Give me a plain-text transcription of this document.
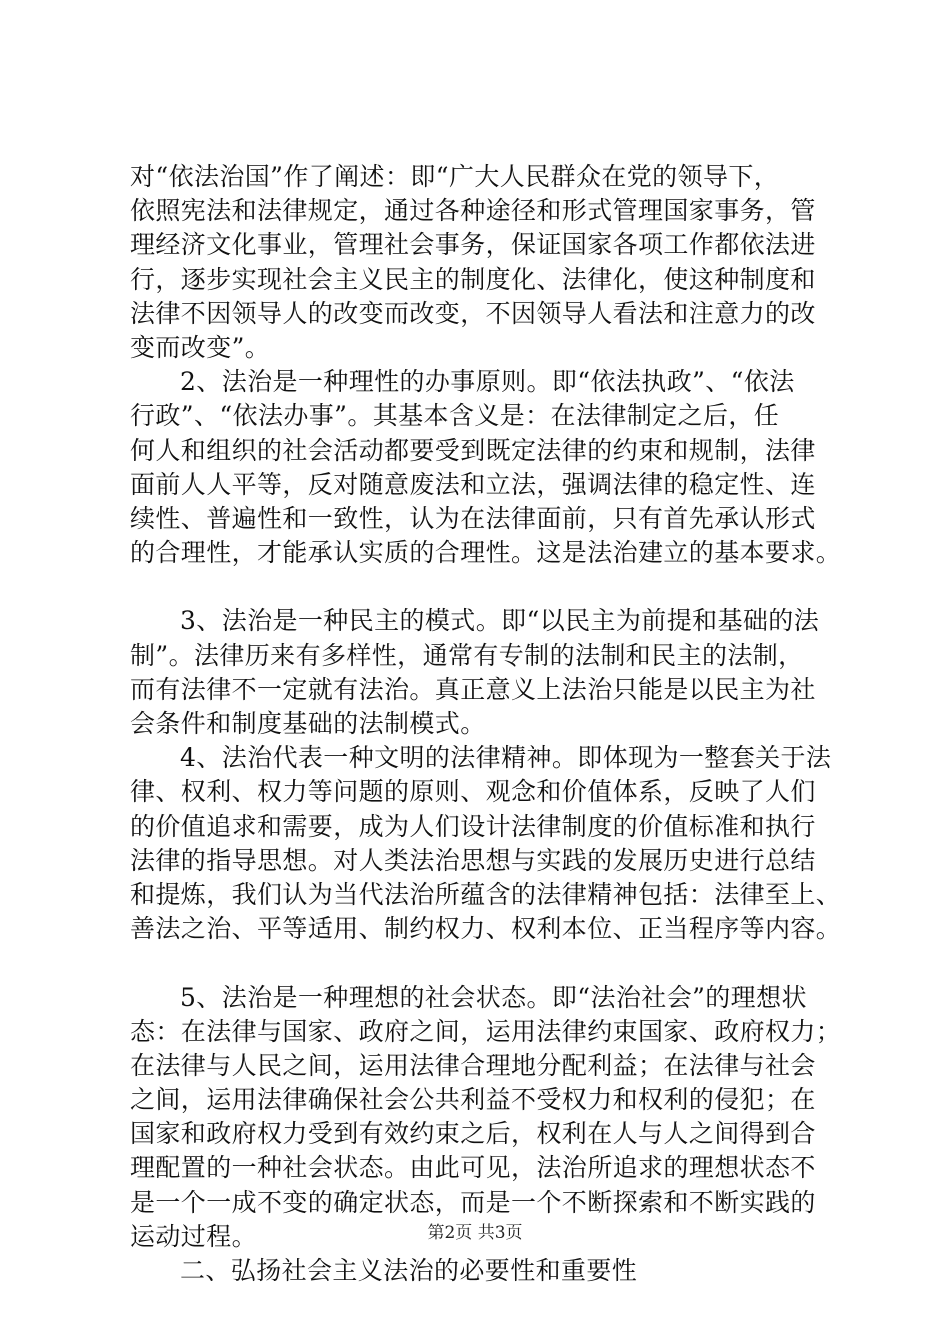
对“依法治国”作了阐述：即“广大人民群众在党的领导下，
依照宪法和法律规定，通过各种途径和形式管理国家事务，管
理经济文化事业，管理社会事务，保证国家各项工作都依法进
行，逐步实现社会主义民主的制度化、法律化，使这种制度和
法律不因领导人的改变而改变，不因领导人看法和注意力的改
变而改变”。
2、法治是一种理性的办事原则。即“依法执政”、“依法
行政”、“依法办事”。其基本含义是：在法律制定之后，任
何人和组织的社会活动都要受到既定法律的约束和规制，法律
面前人人平等，反对随意废法和立法，强调法律的稳定性、连
续性、普遍性和一致性，认为在法律面前，只有首先承认形式
的合理性，才能承认实质的合理性。这是法治建立的基本要求。
3、法治是一种民主的模式。即“以民主为前提和基础的法
制”。法律历来有多样性，通常有专制的法制和民主的法制，
而有法律不一定就有法治。真正意义上法治只能是以民主为社
会条件和制度基础的法制模式。
4、法治代表一种文明的法律精神。即体现为一整套关于法
律、权利、权力等问题的原则、观念和价值体系，反映了人们
的价值追求和需要，成为人们设计法律制度的价值标准和执行
法律的指导思想。对人类法治思想与实践的发展历史进行总结
和提炼，我们认为当代法治所蕴含的法律精神包括：法律至上、
善法之治、平等适用、制约权力、权利本位、正当程序等内容。
5、法治是一种理想的社会状态。即“法治社会”的理想状
态：在法律与国家、政府之间，运用法律约束国家、政府权力；
在法律与人民之间，运用法律合理地分配利益；在法律与社会
之间，运用法律确保社会公共利益不受权力和权利的侵犯；在
国家和政府权力受到有效约束之后，权利在人与人之间得到合
理配置的一种社会状态。由此可见，法治所追求的理想状态不
是一个一成不变的确定状态，而是一个不断探索和不断实践的
运动过程。
二、弘扬社会主义法治的必要性和重要性
第2页 共3页
